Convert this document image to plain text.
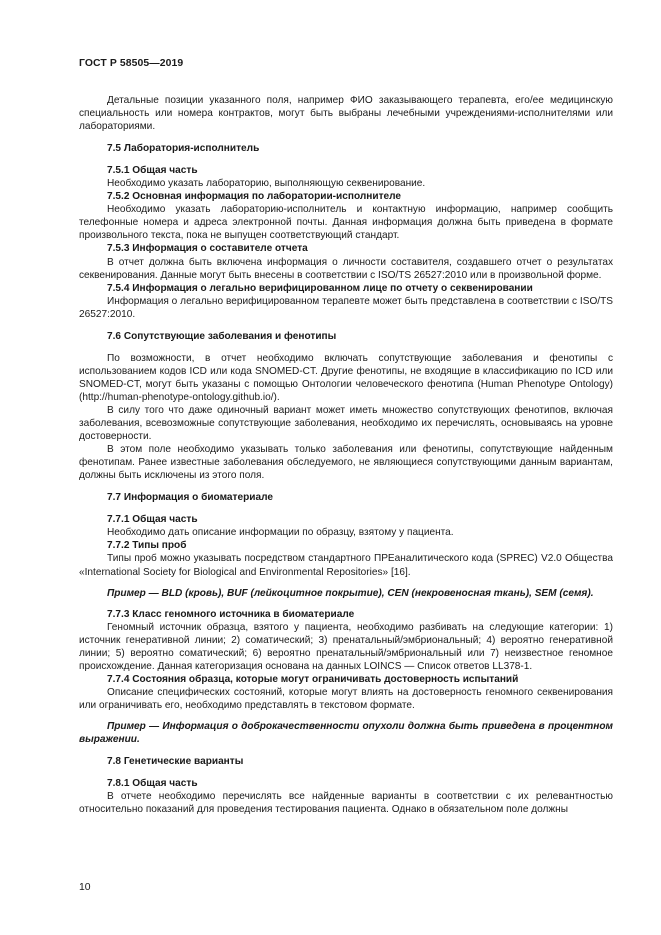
ГОСТ Р 58505—2019

Детальные позиции указанного поля, например ФИО заказывающего терапевта, его/ее медицинскую специальность или номера контрактов, могут быть выбраны лечебными учреждениями-исполнителями или лабораториями.

7.5 Лаборатория-исполнитель
7.5.1 Общая часть

Необходимо указать лабораторию, выполняющую секвенирование.

7.5.2 Основная информация по лаборатории-исполнителе

Необходимо указать лабораторию-исполнитель и контактную информацию, например сообщить телефонные номера и адреса электронной почты. Данная информация должна быть приведена в формате произвольного текста, пока не выпущен соответствующий стандарт.

7.5.3 Информация о составителе отчета

В отчет должна быть включена информация о личности составителя, создавшего отчет о результатах секвенирования. Данные могут быть внесены в соответствии с ISO/TS 26527:2010 или в произвольной форме.

7.5.4 Информация о легально верифицированном лице по отчету о секвенировании

Информация о легально верифицированном терапевте может быть представлена в соответствии с ISO/TS 26527:2010.

7.6 Сопутствующие заболевания и фенотипы

По возможности, в отчет необходимо включать сопутствующие заболевания и фенотипы с использованием кодов ICD или кода SNOMED-CT. Другие фенотипы, не входящие в классификацию по ICD или SNOMED-CT, могут быть указаны с помощью Онтологии человеческого фенотипа (Human Phenotype Ontology) (http://human-phenotype-ontology.github.io/).

В силу того что даже одиночный вариант может иметь множество сопутствующих фенотипов, включая заболевания, всевозможные сопутствующие заболевания, необходимо их перечислять, основываясь на уровне достоверности.

В этом поле необходимо указывать только заболевания или фенотипы, сопутствующие найденным фенотипам. Ранее известные заболевания обследуемого, не являющиеся сопутствующими данным вариантам, должны быть исключены из этого поля.

7.7 Информация о биоматериале
7.7.1 Общая часть

Необходимо дать описание информации по образцу, взятому у пациента.

7.7.2 Типы проб

Типы проб можно указывать посредством стандартного ПРЕаналитического кода (SPREC) V2.0 Общества «International Society for Biological and Environmental Repositories» [16].

Пример — BLD (кровь), BUF (лейкоцитное покрытие), CEN (некровеносная ткань), SEM (семя).

7.7.3 Класс геномного источника в биоматериале

Геномный источник образца, взятого у пациента, необходимо разбивать на следующие категории: 1) источник генеративной линии; 2) соматический; 3) пренатальный/эмбриональный; 4) вероятно генеративной линии; 5) вероятно соматический; 6) вероятно пренатальный/эмбриональный или 7) неизвестное геномное происхождение. Данная категоризация основана на данных LOINCS — Список ответов LL378-1.

7.7.4 Состояния образца, которые могут ограничивать достоверность испытаний

Описание специфических состояний, которые могут влиять на достоверность геномного секвенирования или ограничивать его, необходимо представлять в текстовом формате.

Пример — Информация о доброкачественности опухоли должна быть приведена в процентном выражении.

7.8 Генетические варианты
7.8.1 Общая часть

В отчете необходимо перечислять все найденные варианты в соответствии с их релевантностью относительно показаний для проведения тестирования пациента. Однако в обязательном поле должны

10
